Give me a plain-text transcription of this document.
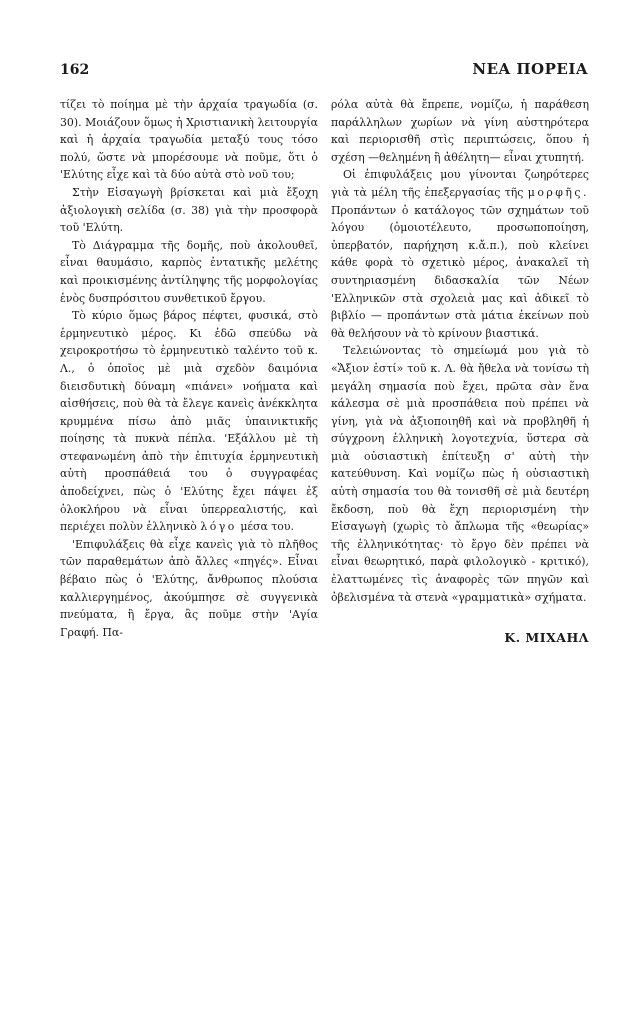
162	ΝΕΑ ΠΟΡΕΙΑ

τίζει τὸ ποίημα μὲ τὴν ἀρχαία τραγωδία (σ. 30). Μοιάζουν ὅμως ἡ Χριστιανικὴ λειτουργία καὶ ἡ ἀρχαία τραγωδία μεταξύ τους τόσο πολύ, ὥστε νὰ μπορέσουμε νὰ ποῦμε, ὅτι ὁ 'Ελύτης εἶχε καὶ τὰ δύο αὐτὰ στὸ νοῦ του;

Στὴν Εἰσαγωγὴ βρίσκεται καὶ μιὰ ἔξοχη ἀξιολογικὴ σελίδα (σ. 38) γιὰ τὴν προσφορὰ τοῦ 'Ελύτη.

Τὸ Διάγραμμα τῆς δομῆς, ποὺ ἀκολουθεῖ, εἶναι θαυμάσιο, καρπὸς ἐντατικῆς μελέτης καὶ προικισμένης ἀντίληψης τῆς μορφολογίας ἑνὸς δυσπρόσιτου συνθετικοῦ ἔργου.

Τὸ κύριο ὅμως βάρος πέφτει, φυσικά, στὸ ἑρμηνευτικὸ μέρος. Κι ἐδῶ σπεύδω νὰ χειροκροτήσω τὸ ἑρμηνευτικὸ ταλέντο τοῦ κ. Λ., ὁ ὁποῖος μὲ μιὰ σχεδὸν δαιμόνια διεισδυτικὴ δύναμη «πιάνει» νοήματα καὶ αἰσθήσεις, ποὺ θὰ τὰ ἔλεγε κανεὶς ἀνέκκλητα κρυμμένα πίσω ἀπὸ μιᾶς ὑπαινικτικῆς ποίησης τὰ πυκνὰ πέπλα. 'Εξάλλου μὲ τὴ στεφανωμένη ἀπὸ τὴν ἐπιτυχία ἑρμηνευτικὴ αὐτὴ προσπάθειά του ὁ συγγραφέας ἀποδείχνει, πὼς ὁ 'Ελύτης ἔχει πάψει ἐξ ὁλοκλήρου νὰ εἶναι ὑπερρεαλιστής, καὶ περιέχει πολὺν ἑλληνικὸ λόγο μέσα του.

'Επιφυλάξεις θὰ εἶχε κανεὶς γιὰ τὸ πλῆθος τῶν παραθεμάτων ἀπὸ ἄλλες «πηγές». Εἶναι βέβαιο πὼς ὁ 'Ελύτης, ἄνθρωπος πλούσια καλλιεργημένος, ἀκούμπησε σὲ συγγενικὰ πνεύματα, ἢ ἔργα, ἂς ποῦμε στὴν 'Αγία Γραφή. Πα-

ρόλα αὐτὰ θὰ ἔπρεπε, νομίζω, ἡ παράθεση παράλληλων χωρίων νὰ γίνη αὐστηρότερα καὶ περιορισθῆ στὶς περιπτώσεις, ὅπου ἡ σχέση —θελημένη ἢ ἀθέλητη— εἶναι χτυπητή.

Οἱ ἐπιφυλάξεις μου γίνονται ζωηρότερες γιὰ τὰ μέλη τῆς ἐπεξεργασίας τῆς μορφῆς. Προπάντων ὁ κατάλογος τῶν σχημάτων τοῦ λόγου (ὁμοιοτέλευτο, προσωποποίηση, ὑπερβατόν, παρήχηση κ.ἄ.π.), ποὺ κλείνει κάθε φορὰ τὸ σχετικὸ μέρος, ἀνακαλεῖ τὴ συντηριασμένη διδασκαλία τῶν Νέων 'Ελληνικῶν στὰ σχολειὰ μας καὶ ἀδικεῖ τὸ βιβλίο — προπάντων στὰ μάτια ἐκείνων ποὺ θὰ θελήσουν νὰ τὸ κρίνουν βιαστικά.

Τελειώνοντας τὸ σημείωμά μου γιὰ τὸ «Ἄξιον ἐστί» τοῦ κ. Λ. θὰ ἤθελα νὰ τονίσω τὴ μεγάλη σημασία ποὺ ἔχει, πρῶτα σὰν ἕνα κάλεσμα σὲ μιὰ προσπάθεια ποὺ πρέπει νὰ γίνη, γιὰ νὰ ἀξιοποιηθῆ καὶ νὰ προβληθῆ ἡ σύγχρονη ἑλληνικὴ λογοτεχνία, ὕστερα σὰ μιὰ οὐσιαστικὴ ἐπίτευξη σ' αὐτὴ τὴν κατεύθυνση. Καὶ νομίζω πὼς ἡ οὐσιαστικὴ αὐτὴ σημασία του θὰ τονισθῆ σὲ μιὰ δευτέρη ἔκδοση, ποὺ θὰ ἔχη περιορισμένη τὴν Εἰσαγωγὴ (χωρὶς τὸ ἄπλωμα τῆς «θεωρίας» τῆς ἑλληνικότητας· τὸ ἔργο δὲν πρέπει νὰ εἶναι θεωρητικό, παρὰ φιλολογικὸ - κριτικό), ἐλαττωμένες τὶς ἀναφορὲς τῶν πηγῶν καὶ ὀβελισμένα τὰ στενὰ «γραμματικὰ» σχήματα.

Κ. ΜΙΧΑΗΛ
